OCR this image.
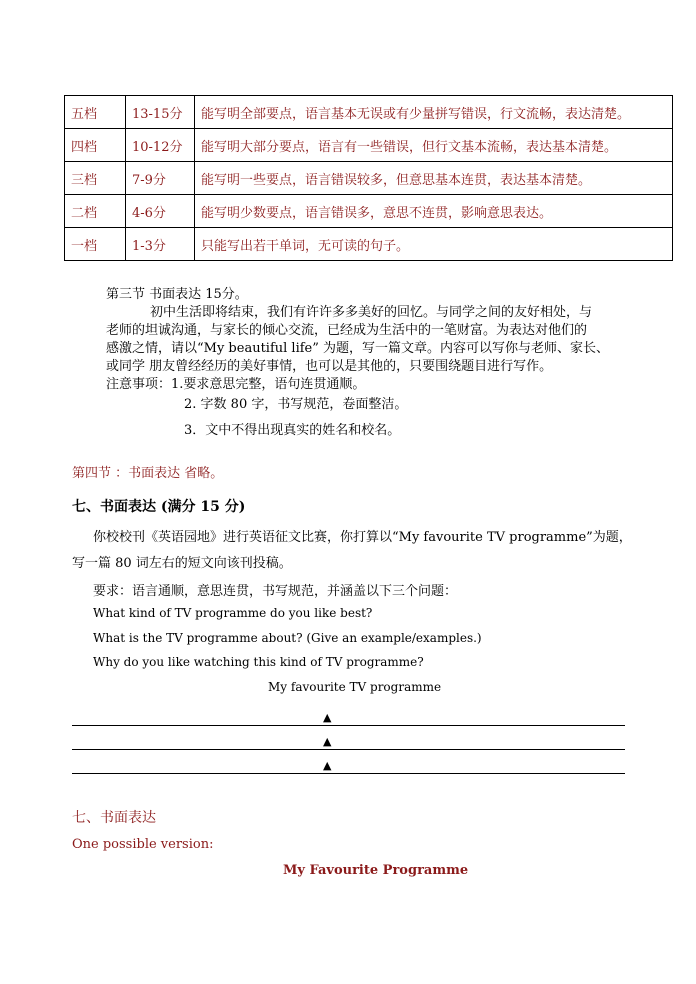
五档	13-15分	能写明全部要点，语言基本无误或有少量拼写错误，行文流畅，表达清楚。
四档	10-12分	能写明大部分要点，语言有一些错误，但行文基本流畅，表达基本清楚。
三档	7-9分	能写明一些要点，语言错误较多，但意思基本连贯，表达基本清楚。
二档	4-6分	能写明少数要点，语言错误多，意思不连贯，影响意思表达。
一档	1-3分	只能写出若干单词，无可读的句子。
第三节 书面表达 15分。
初中生活即将结束，我们有许许多多美好的回忆。与同学之间的友好相处，与
老师的坦诚沟通，与家长的倾心交流，已经成为生活中的一笔财富。为表达对他们的
感激之情，请以“My beautiful life” 为题，写一篇文章。内容可以写你与老师、家长、
或同学 朋友曾经经历的美好事情，也可以是其他的，只要围绕题目进行写作。
注意事项：1.要求意思完整，语句连贯通顺。
2. 字数 80 字，书写规范，卷面整洁。
3．文中不得出现真实的姓名和校名。
第四节 ：书面表达 省略。
七、书面表达 (满分 15 分)
你校校刊《英语园地》进行英语征文比赛，你打算以“My favourite TV programme”为题，
写一篇 80 词左右的短文向该刊投稿。
要求：语言通顺，意思连贯，书写规范，并涵盖以下三个问题：
What kind of TV programme do you like best?
What is the TV programme about? (Give an example/examples.)
Why do you like watching this kind of TV programme?
My favourite TV programme
▲
▲
▲
七、书面表达
One possible version:
My Favourite Programme
